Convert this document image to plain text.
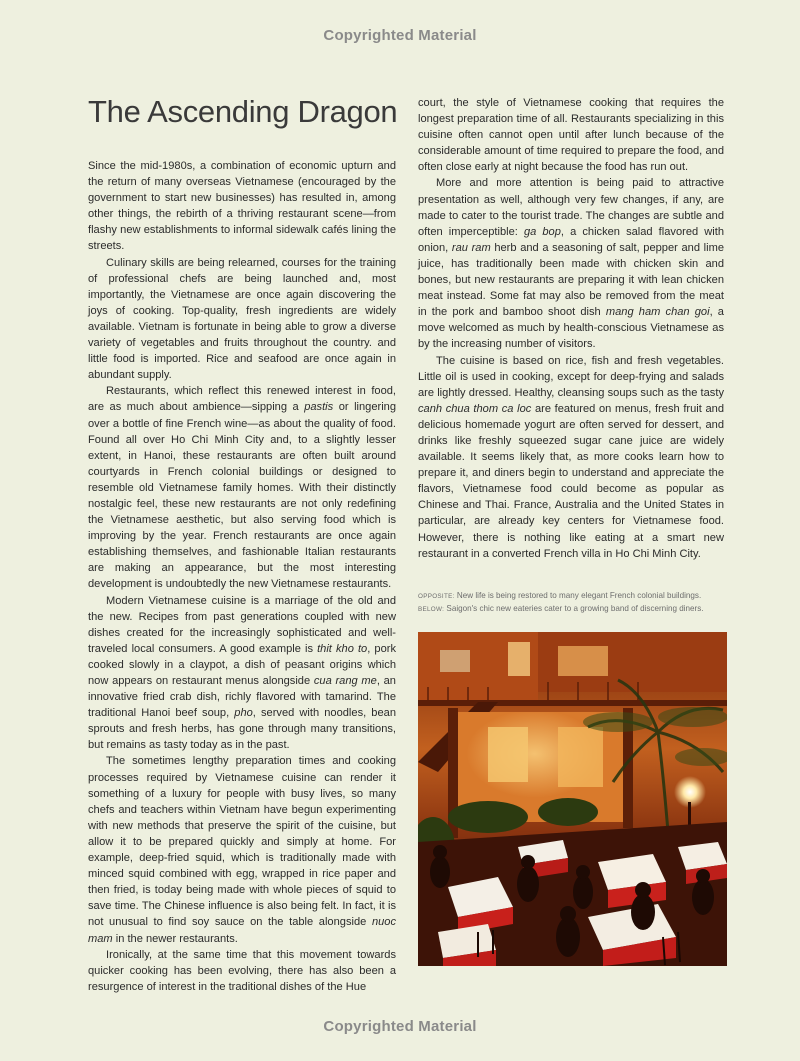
Copyrighted Material
The Ascending Dragon

Since the mid-1980s, a combination of economic upturn and the return of many overseas Vietnamese (encouraged by the government to start new businesses) has resulted in, among other things, the rebirth of a thriving restaurant scene—from flashy new establishments to informal sidewalk cafés lining the streets.

Culinary skills are being relearned, courses for the training of professional chefs are being launched and, most importantly, the Vietnamese are once again discovering the joys of cooking. Top-quality, fresh ingredients are widely available. Vietnam is fortunate in being able to grow a diverse variety of vegetables and fruits throughout the country. and little food is imported. Rice and seafood are once again in abundant supply.

Restaurants, which reflect this renewed interest in food, are as much about ambience—sipping a pastis or lingering over a bottle of fine French wine—as about the quality of food. Found all over Ho Chi Minh City and, to a slightly lesser extent, in Hanoi, these restaurants are often built around courtyards in French colonial buildings or designed to resemble old Vietnamese family homes. With their distinctly nostalgic feel, these new restaurants are not only redefining the Vietnamese aesthetic, but also serving food which is improving by the year. French restaurants are once again establishing themselves, and fashionable Italian restaurants are making an appearance, but the most interesting development is undoubtedly the new Vietnamese restaurants.

Modern Vietnamese cuisine is a marriage of the old and the new. Recipes from past generations coupled with new dishes created for the increasingly sophisticated and well-traveled local consumers. A good example is thit kho to, pork cooked slowly in a claypot, a dish of peasant origins which now appears on restaurant menus alongside cua rang me, an innovative fried crab dish, richly flavored with tamarind. The traditional Hanoi beef soup, pho, served with noodles, bean sprouts and fresh herbs, has gone through many transitions, but remains as tasty today as in the past.

The sometimes lengthy preparation times and cooking processes required by Vietnamese cuisine can render it something of a luxury for people with busy lives, so many chefs and teachers within Vietnam have begun experimenting with new methods that preserve the spirit of the cuisine, but allow it to be prepared quickly and simply at home. For example, deep-fried squid, which is traditionally made with minced squid combined with egg, wrapped in rice paper and then fried, is today being made with whole pieces of squid to save time. The Chinese influence is also being felt. In fact, it is not unusual to find soy sauce on the table alongside nuoc mam in the newer restaurants.

Ironically, at the same time that this movement towards quicker cooking has been evolving, there has also been a resurgence of interest in the traditional dishes of the Hue

court, the style of Vietnamese cooking that requires the longest preparation time of all. Restaurants specializing in this cuisine often cannot open until after lunch because of the considerable amount of time required to prepare the food, and often close early at night because the food has run out.

More and more attention is being paid to attractive presentation as well, although very few changes, if any, are made to cater to the tourist trade. The changes are subtle and often imperceptible: ga bop, a chicken salad flavored with onion, rau ram herb and a seasoning of salt, pepper and lime juice, has traditionally been made with chicken skin and bones, but new restaurants are preparing it with lean chicken meat instead. Some fat may also be removed from the meat in the pork and bamboo shoot dish mang ham chan goi, a move welcomed as much by health-conscious Vietnamese as by the increasing number of visitors.

The cuisine is based on rice, fish and fresh vegetables. Little oil is used in cooking, except for deep-frying and salads are lightly dressed. Healthy, cleansing soups such as the tasty canh chua thom ca loc are featured on menus, fresh fruit and delicious homemade yogurt are often served for dessert, and drinks like freshly squeezed sugar cane juice are widely available. It seems likely that, as more cooks learn how to prepare it, and diners begin to understand and appreciate the flavors, Vietnamese food could become as popular as Chinese and Thai. France, Australia and the United States in particular, are already key centers for Vietnamese food. However, there is nothing like eating at a smart new restaurant in a converted French villa in Ho Chi Minh City.

OPPOSITE: New life is being restored to many elegant French colonial buildings.
BELOW: Saigon's chic new eateries cater to a growing band of discerning diners.
Copyrighted Material
